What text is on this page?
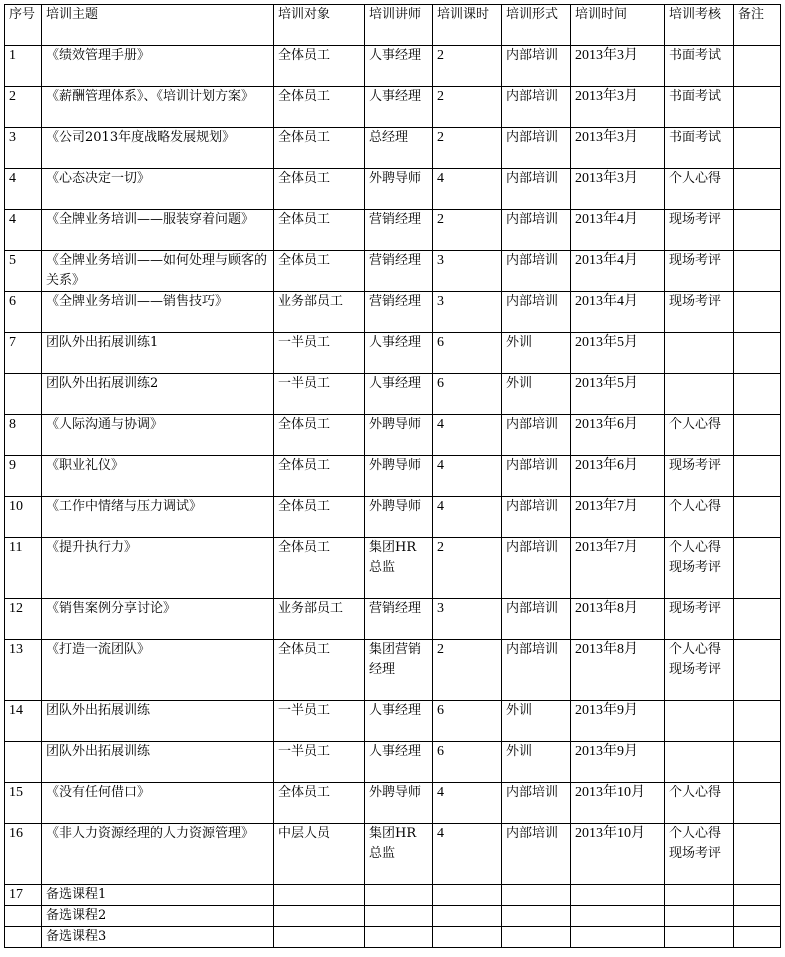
序号	培训主题	培训对象	培训讲师	培训课时	培训形式	培训时间	培训考核	备注
1	《绩效管理手册》	全体员工	人事经理	2	内部培训	2013年3月	书面考试	
2	《薪酬管理体系》、《培训计划方案》	全体员工	人事经理	2	内部培训	2013年3月	书面考试	
3	《公司2013年度战略发展规划》	全体员工	总经理	2	内部培训	2013年3月	书面考试	
4	《心态决定一切》	全体员工	外聘导师	4	内部培训	2013年3月	个人心得	
4	《全牌业务培训——服装穿着问题》	全体员工	营销经理	2	内部培训	2013年4月	现场考评	
5	《全牌业务培训——如何处理与顾客的关系》	全体员工	营销经理	3	内部培训	2013年4月	现场考评	
6	《全牌业务培训——销售技巧》	业务部员工	营销经理	3	内部培训	2013年4月	现场考评	
7	团队外出拓展训练1	一半员工	人事经理	6	外训	2013年5月		
	团队外出拓展训练2	一半员工	人事经理	6	外训	2013年5月		
8	《人际沟通与协调》	全体员工	外聘导师	4	内部培训	2013年6月	个人心得	
9	《职业礼仪》	全体员工	外聘导师	4	内部培训	2013年6月	现场考评	
10	《工作中情绪与压力调试》	全体员工	外聘导师	4	内部培训	2013年7月	个人心得	
11	《提升执行力》	全体员工	集团HR总监	2	内部培训	2013年7月	个人心得现场考评	
12	《销售案例分享讨论》	业务部员工	营销经理	3	内部培训	2013年8月	现场考评	
13	《打造一流团队》	全体员工	集团营销经理	2	内部培训	2013年8月	个人心得现场考评	
14	团队外出拓展训练	一半员工	人事经理	6	外训	2013年9月		
	团队外出拓展训练	一半员工	人事经理	6	外训	2013年9月		
15	《没有任何借口》	全体员工	外聘导师	4	内部培训	2013年10月	个人心得	
16	《非人力资源经理的人力资源管理》	中层人员	集团HR总监	4	内部培训	2013年10月	个人心得现场考评	
17	备选课程1							
	备选课程2							
	备选课程3							
